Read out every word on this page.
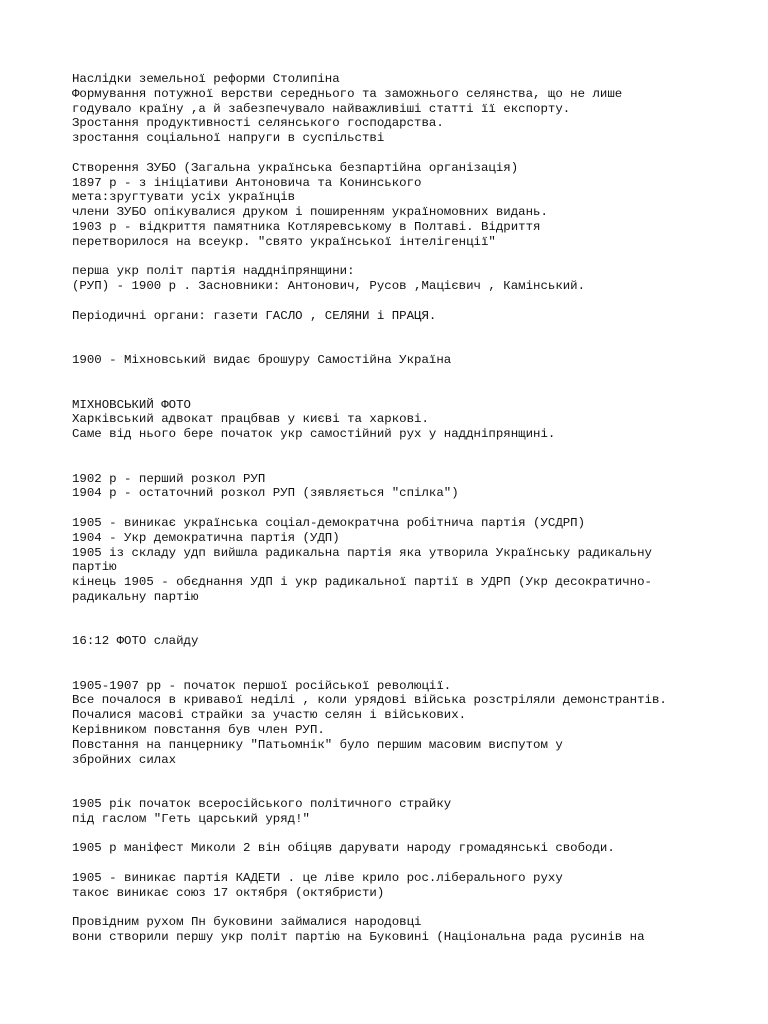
Наслідки земельної реформи Столипіна
Формування потужної верстви середнього та заможнього селянства, що не лише
годувало країну ,а й забезпечувало найважливіші статті її експорту.
Зростання продуктивності селянського господарства.
зростання соціальної напруги в суспільстві
Створення ЗУБО (Загальна українська безпартійна організація)
1897 р - з ініціативи Антоновича та Конинського
мета:зругтувати усіх українців
члени ЗУБО опікувалися друком і поширенням україномовних видань.
1903 р - відкриття памятника Котляревському в Полтаві. Відриття
перетворилося на всеукр. "свято української інтелігенції"
перша укр політ партія наддніпрянщини:
(РУП) - 1900 р . Засновники: Антонович, Русов ,Мацієвич , Камінський.
Періодичні органи: газети ГАСЛО , СЕЛЯНИ і ПРАЦЯ.
1900 - Міхновський видає брошуру Самостійна Україна
МІХНОВСЬКИЙ ФОТО
Харківський адвокат працбвав у києві та харкові.
Саме від нього бере початок укр самостійний рух у наддніпрянщині.
1902 р - перший розкол РУП
1904 р - остаточний розкол РУП (зявляється "спілка")
1905 - виникає українська соціал-демократчна робітнича партія (УСДРП)
1904 - Укр демократична партія (УДП)
1905 із складу удп вийшла радикальна партія яка утворила Українську радикальну
партію
кінець 1905 - обєднання УДП і укр радикальної партії в УДРП (Укр десократично-
радикальну партію
16:12 ФОТО слайду
1905-1907 рр - початок першої російської революції.
Все почалося в кривавої неділі , коли урядові війська розстріляли демонстрантів.
Почалися масові страйки за участю селян і військових.
Керівником повстання був член РУП.
Повстання на панцернику "Патьомнік" було першим масовим виспутом у
збройних силах
1905 рік початок всеросійського політичного страйку
під гаслом "Геть царський уряд!"
1905 р маніфест Миколи 2 він обіцяв дарувати народу громадянські свободи.
1905 - виникає партія КАДЕТИ . це ліве крило рос.ліберального руху
такоє виникає союз 17 октября (октябристи)
Провідним рухом Пн буковини займалися народовці
вони створили першу укр політ партію на Буковині (Національна рада русинів на
